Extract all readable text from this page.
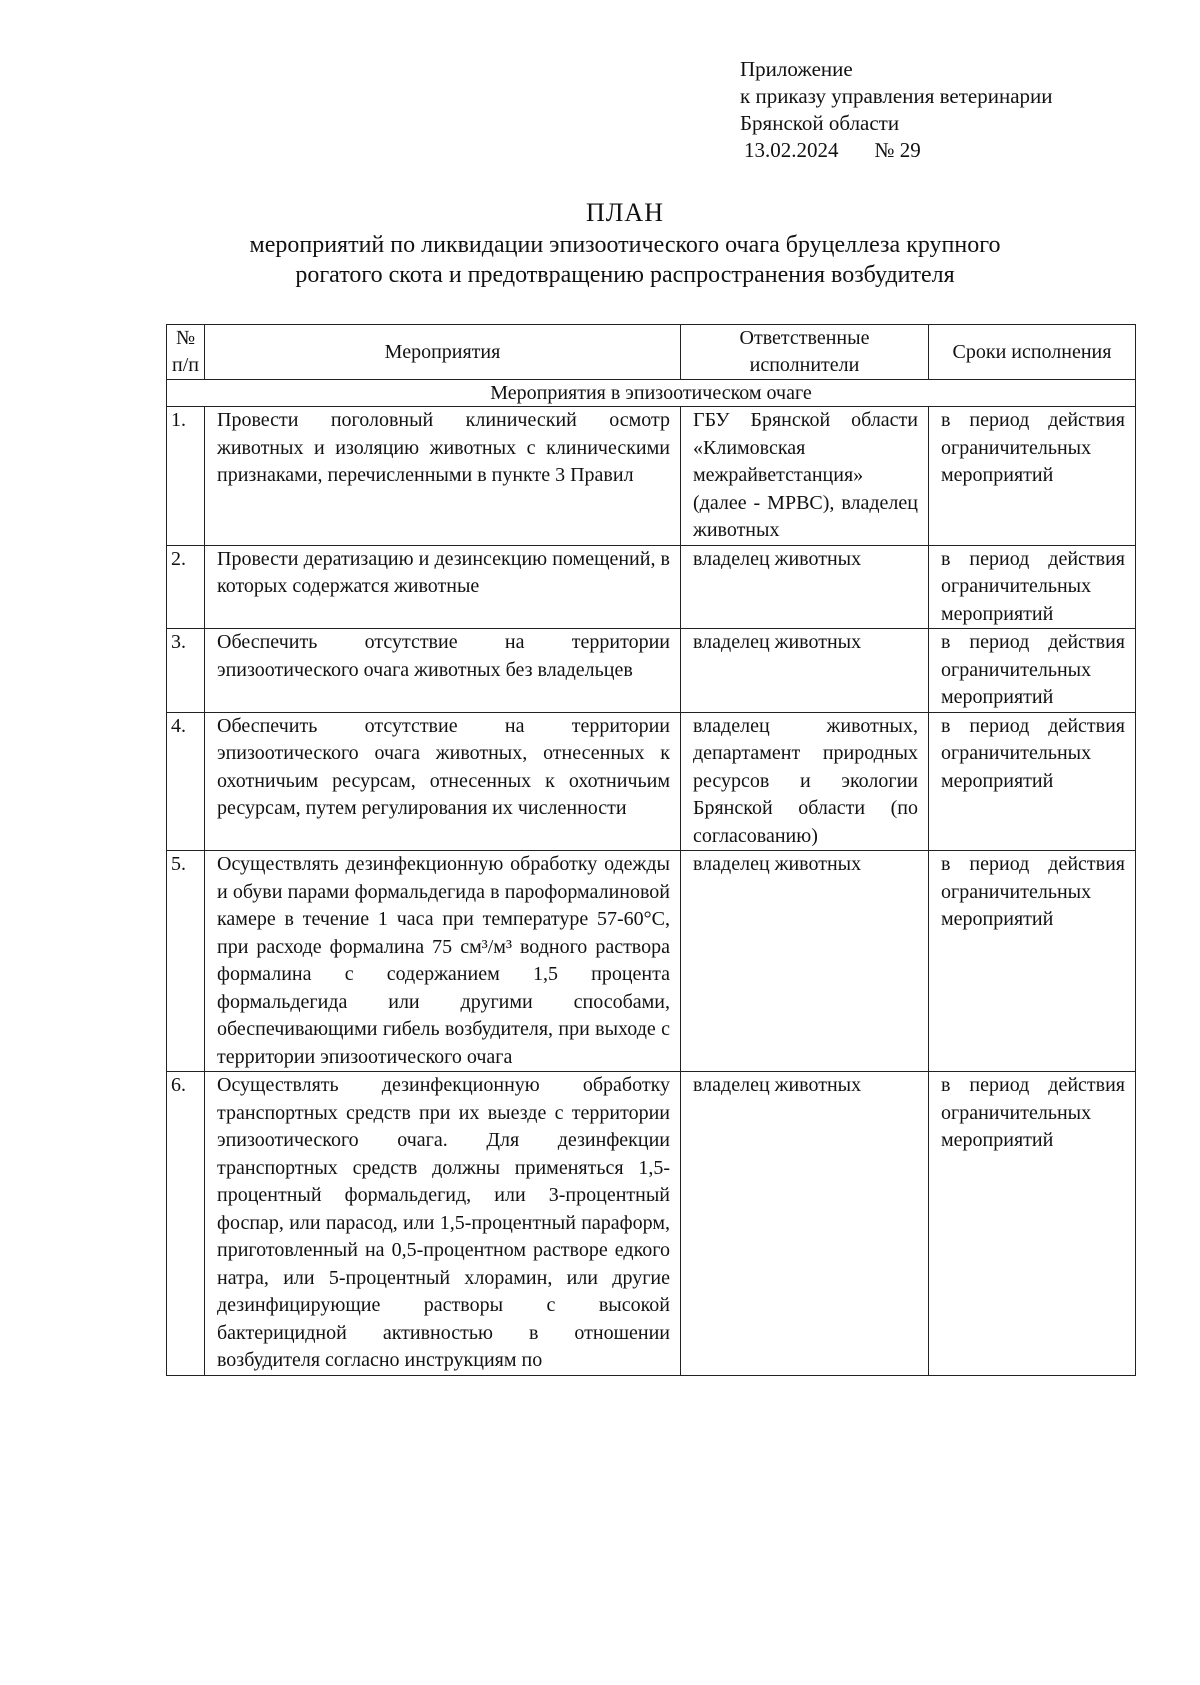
Приложение
к приказу управления ветеринарии
Брянской области
13.02.2024 № 29
ПЛАН
мероприятий по ликвидации эпизоотического очага бруцеллеза крупного
рогатого скота и предотвращению распространения возбудителя
№ п/п	Мероприятия	Ответственные исполнители	Сроки исполнения
Мероприятия в эпизоотическом очаге			
1.	Провести поголовный клинический осмотр животных и изоляцию животных с клиническими признаками, перечисленными в пункте 3 Правил	ГБУ Брянской области «Климовская межрайветстанция» (далее - МРВС), владелец животных	в период действия ограничительных мероприятий
2.	Провести дератизацию и дезинсекцию помещений, в которых содержатся животные	владелец животных	в период действия ограничительных мероприятий
3.	Обеспечить отсутствие на территории эпизоотического очага животных без владельцев	владелец животных	в период действия ограничительных мероприятий
4.	Обеспечить отсутствие на территории эпизоотического очага животных, отнесенных к охотничьим ресурсам, отнесенных к охотничьим ресурсам, путем регулирования их численности	владелец животных, департамент природных ресурсов и экологии Брянской области (по согласованию)	в период действия ограничительных мероприятий
5.	Осуществлять дезинфекционную обработку одежды и обуви парами формальдегида в пароформалиновой камере в течение 1 часа при температуре 57-60°С, при расходе формалина 75 см³/м³ водного раствора формалина с содержанием 1,5 процента формальдегида или другими способами, обеспечивающими гибель возбудителя, при выходе с территории эпизоотического очага	владелец животных	в период действия ограничительных мероприятий
6.	Осуществлять дезинфекционную обработку транспортных средств при их выезде с территории эпизоотического очага. Для дезинфекции транспортных средств должны применяться 1,5-процентный формальдегид, или 3-процентный фоспар, или парасод, или 1,5-процентный параформ, приготовленный на 0,5-процентном растворе едкого натра, или 5-процентный хлорамин, или другие дезинфицирующие растворы с высокой бактерицидной активностью в отношении возбудителя согласно инструкциям по	владелец животных	в период действия ограничительных мероприятий
